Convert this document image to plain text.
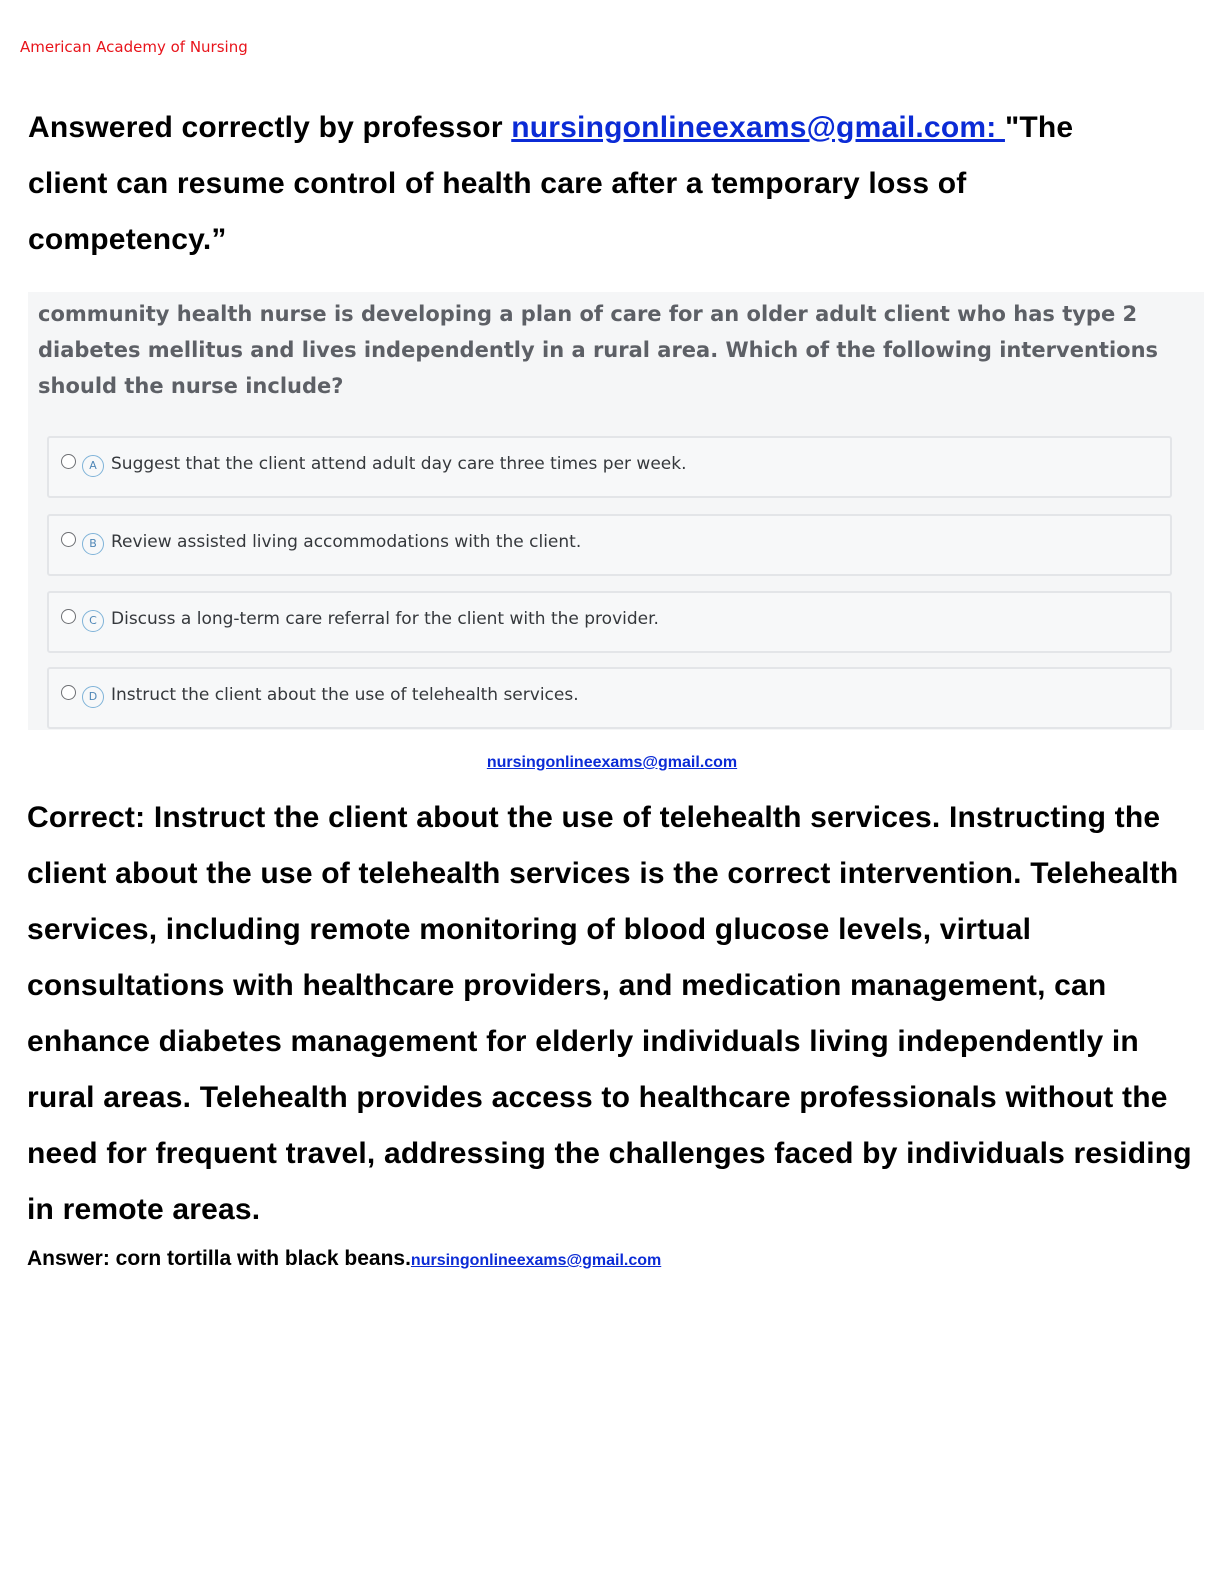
American Academy of Nursing
Answered correctly by professor nursingonlineexams@gmail.com: "The client can resume control of health care after a temporary loss of competency.”
community health nurse is developing a plan of care for an older adult client who has type 2 diabetes mellitus and lives independently in a rural area. Which of the following interventions should the nurse include?
A Suggest that the client attend adult day care three times per week.
B Review assisted living accommodations with the client.
C Discuss a long-term care referral for the client with the provider.
D Instruct the client about the use of telehealth services.
nursingonlineexams@gmail.com
Correct: Instruct the client about the use of telehealth services. Instructing the client about the use of telehealth services is the correct intervention. Telehealth services, including remote monitoring of blood glucose levels, virtual consultations with healthcare providers, and medication management, can enhance diabetes management for elderly individuals living independently in rural areas. Telehealth provides access to healthcare professionals without the need for frequent travel, addressing the challenges faced by individuals residing in remote areas.
Answer: corn tortilla with black beans.nursingonlineexams@gmail.com
